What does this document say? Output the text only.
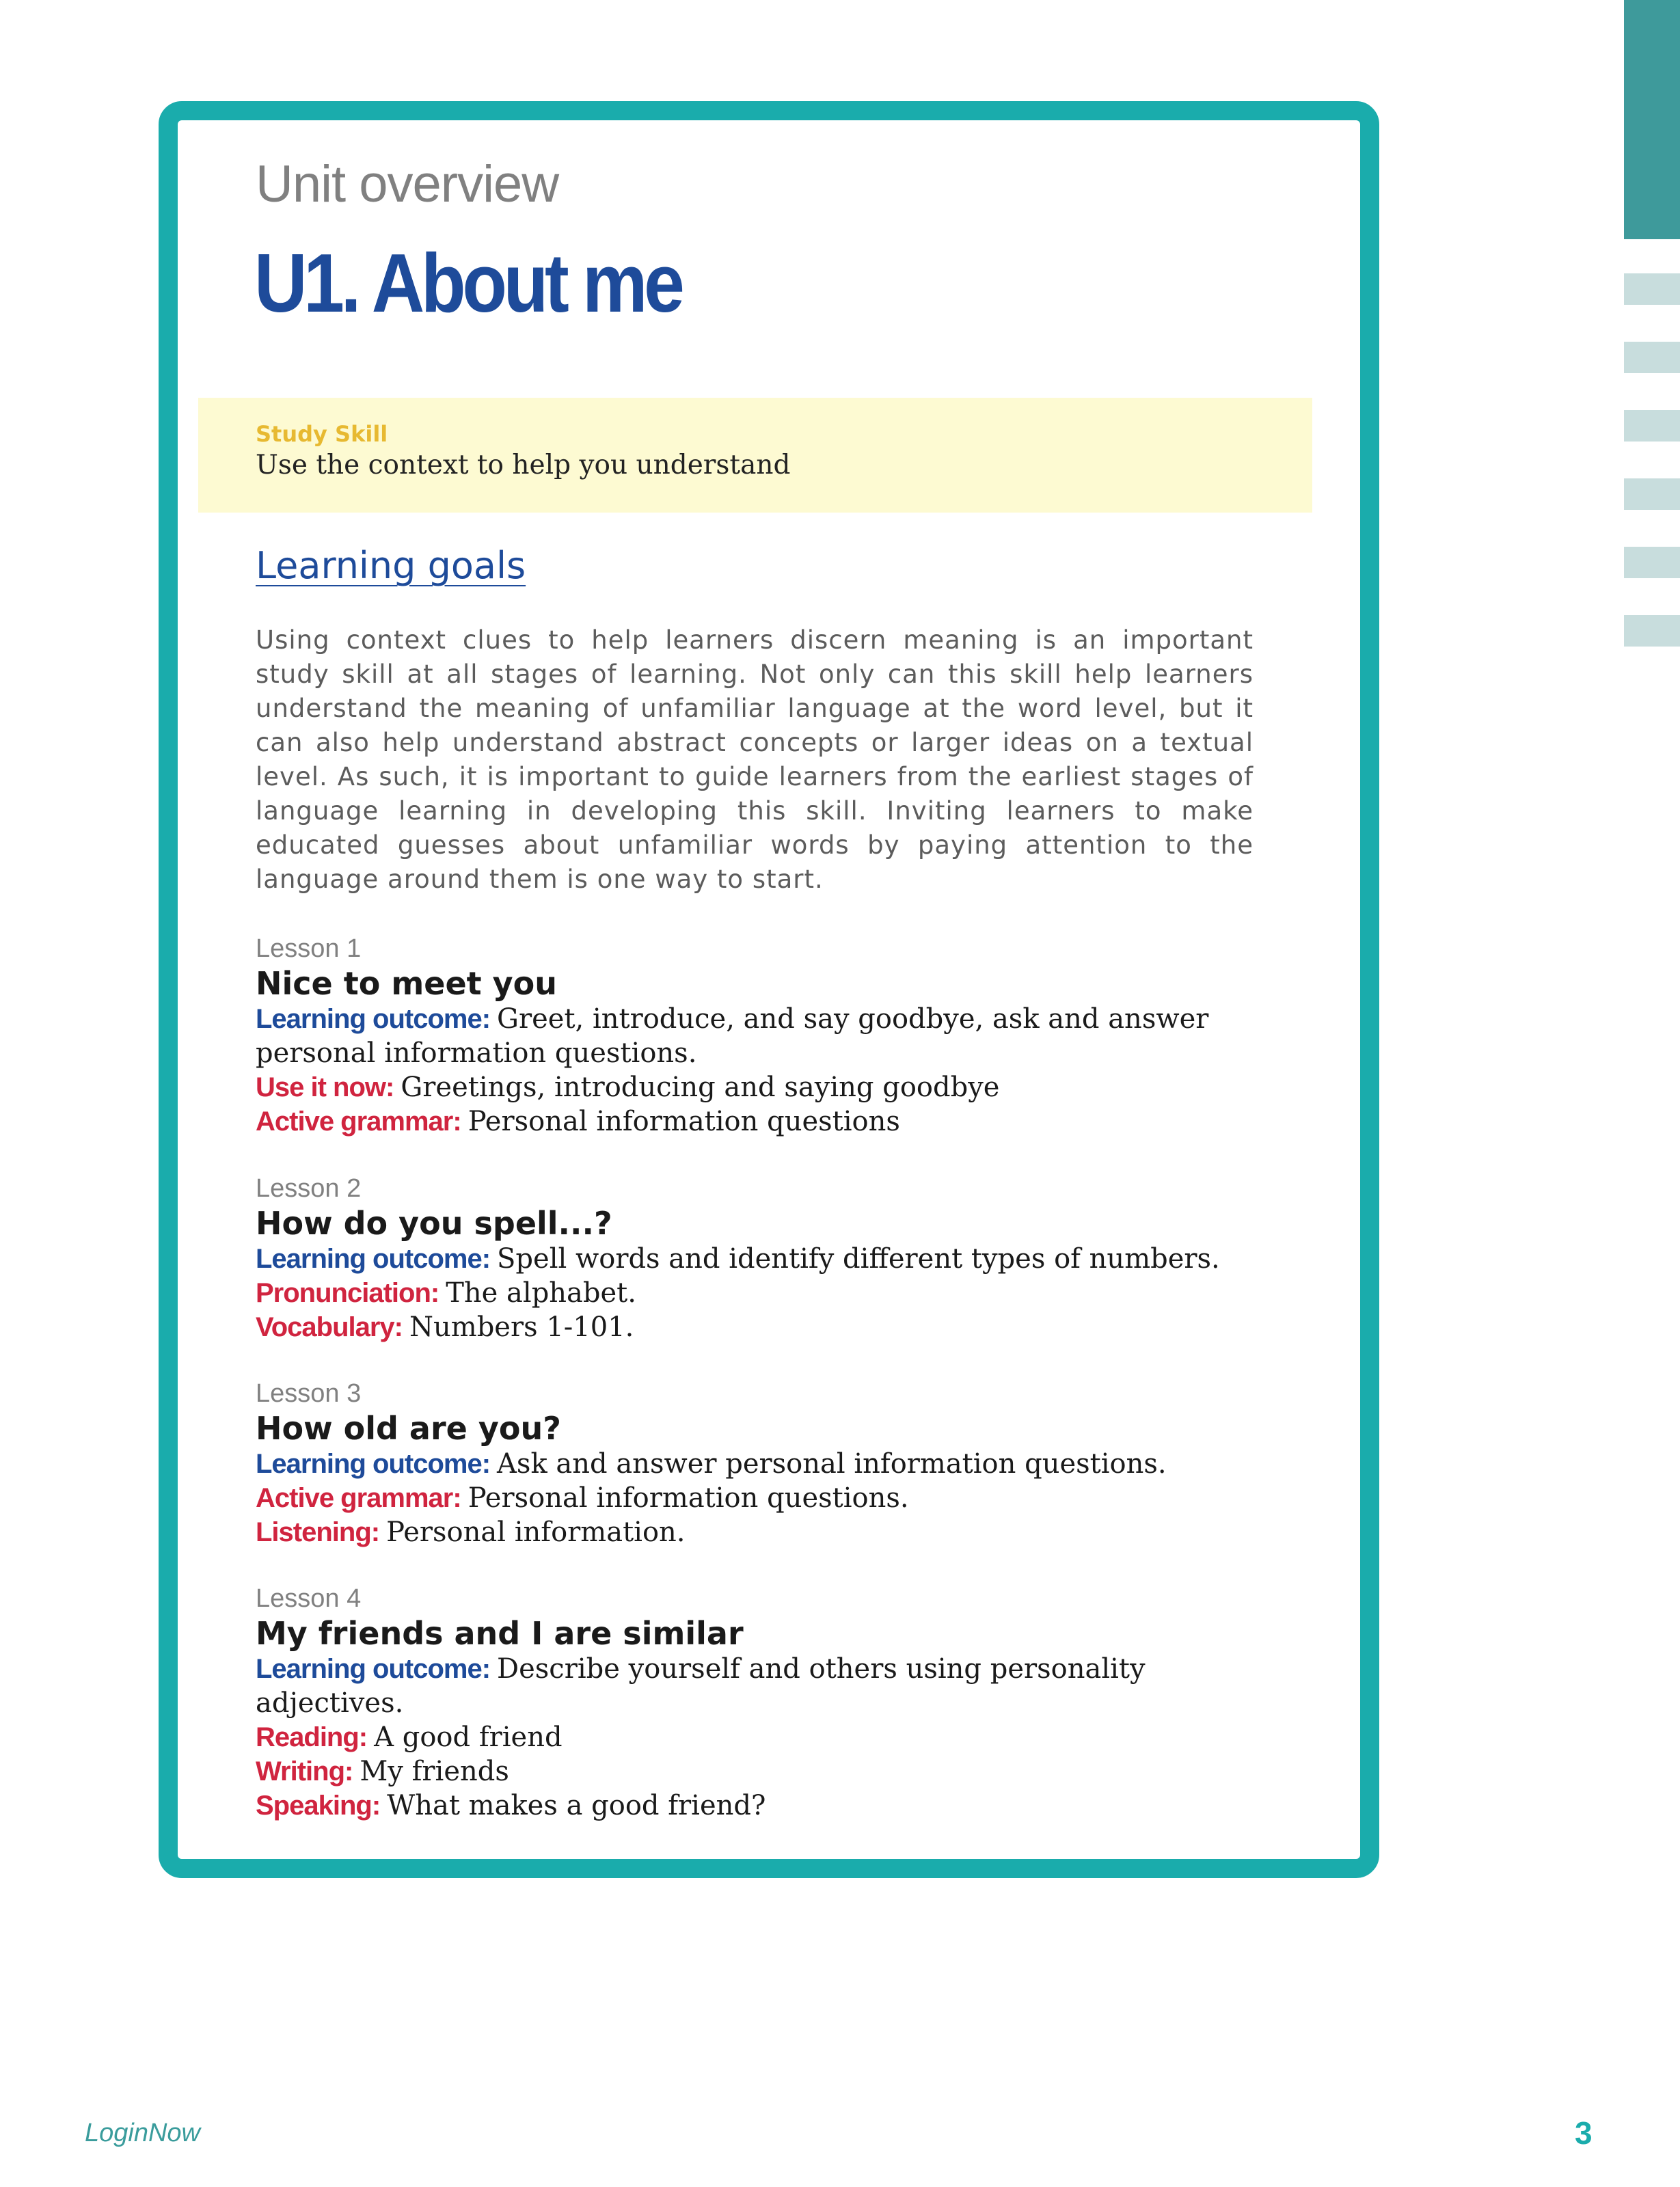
Unit overview
U1. About me
Study Skill
Use the context to help you understand
Learning goals
Using context clues to help learners discern meaning is an important study skill at all stages of learning. Not only can this skill help learners understand the meaning of unfamiliar language at the word level, but it can also help understand abstract concepts or larger ideas on a textual level. As such, it is important to guide learners from the earliest stages of language learning in developing this skill. Inviting learners to make educated guesses about unfamiliar words by paying attention to the language around them is one way to start.
Lesson 1
Nice to meet you
Learning outcome: Greet, introduce, and say goodbye, ask and answer personal information questions.
Use it now: Greetings, introducing and saying goodbye
Active grammar: Personal information questions
Lesson 2
How do you spell...?
Learning outcome: Spell words and identify different types of numbers.
Pronunciation: The alphabet.
Vocabulary: Numbers 1-101.
Lesson 3
How old are you?
Learning outcome: Ask and answer personal information questions.
Active grammar: Personal information questions.
Listening: Personal information.
Lesson 4
My friends and I are similar
Learning outcome: Describe yourself and others using personality adjectives.
Reading: A good friend
Writing: My friends
Speaking: What makes a good friend?
LoginNow	3
